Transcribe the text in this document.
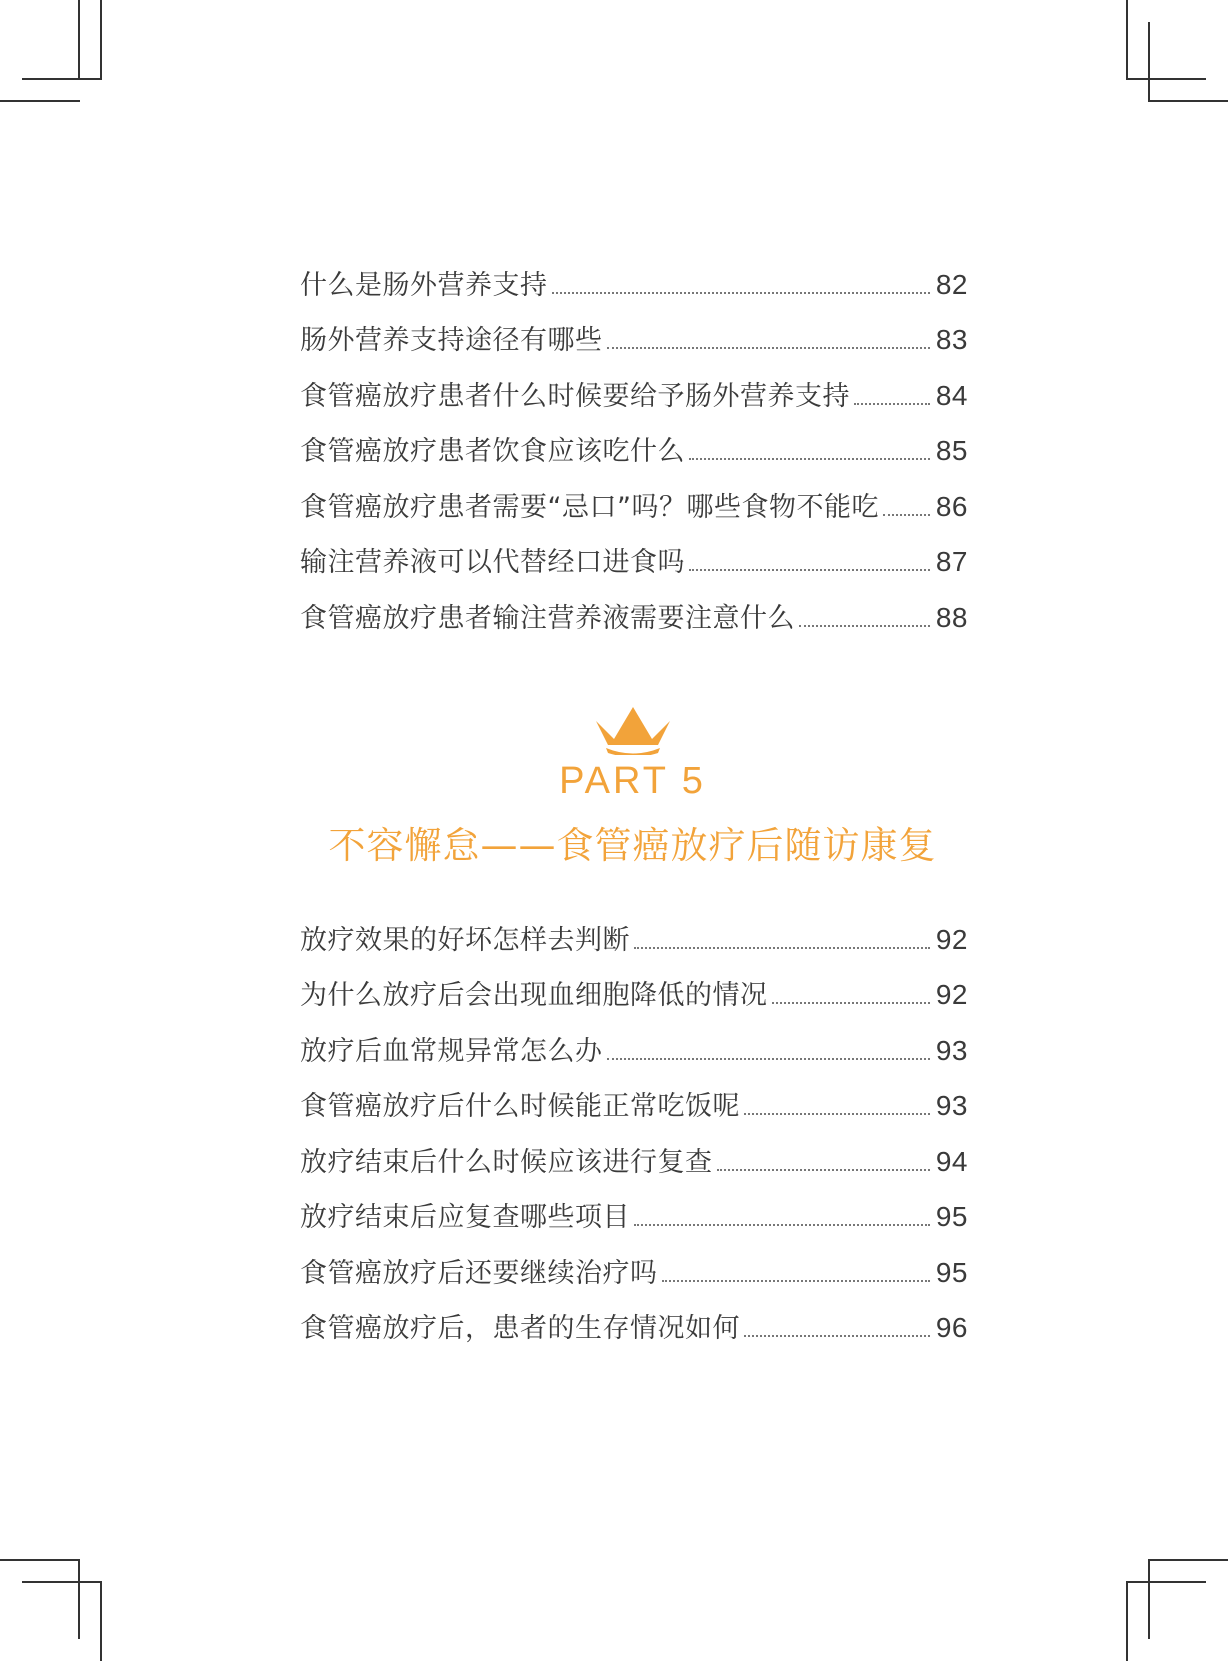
什么是肠外营养支持	82
肠外营养支持途径有哪些	83
食管癌放疗患者什么时候要给予肠外营养支持	84
食管癌放疗患者饮食应该吃什么	85
食管癌放疗患者需要“忌口”吗？哪些食物不能吃 86
输注营养液可以代替经口进食吗	87
食管癌放疗患者输注营养液需要注意什么	88
PART 5
不容懈怠——食管癌放疗后随访康复
放疗效果的好坏怎样去判断	92
为什么放疗后会出现血细胞降低的情况	92
放疗后血常规异常怎么办	93
食管癌放疗后什么时候能正常吃饭呢	93
放疗结束后什么时候应该进行复查	94
放疗结束后应复查哪些项目	95
食管癌放疗后还要继续治疗吗	95
食管癌放疗后，患者的生存情况如何	96
